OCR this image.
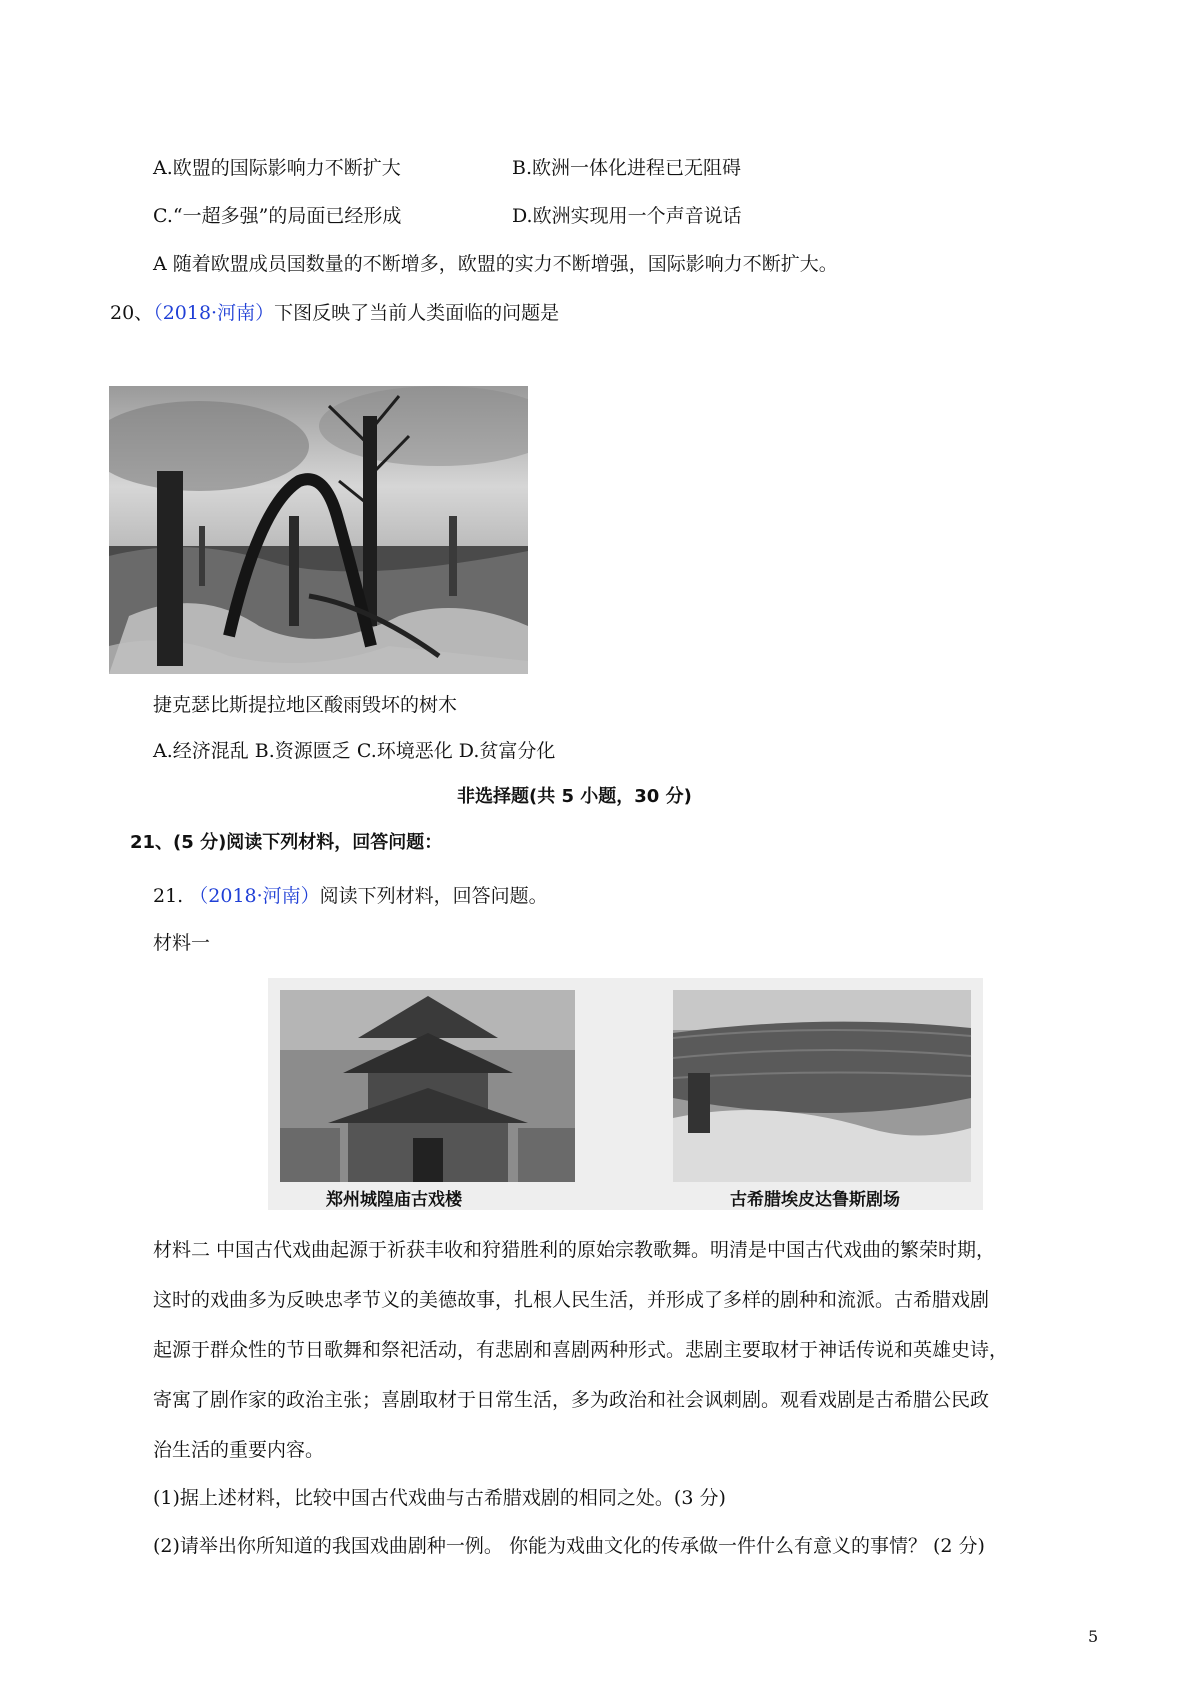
A.欧盟的国际影响力不断扩大	B.欧洲一体化进程已无阻碍
C.“一超多强”的局面已经形成	D.欧洲实现用一个声音说话
A 随着欧盟成员国数量的不断增多，欧盟的实力不断增强，国际影响力不断扩大。
20、（2018·河南）下图反映了当前人类面临的问题是
捷克瑟比斯提拉地区酸雨毁坏的树木
A.经济混乱 B.资源匮乏 C.环境恶化 D.贫富分化
非选择题(共 5 小题，30 分)
21、(5 分)阅读下列材料，回答问题：
21. （2018·河南）阅读下列材料，回答问题。
材料一
郑州城隍庙古戏楼	古希腊埃皮达鲁斯剧场
材料二 中国古代戏曲起源于祈获丰收和狩猎胜利的原始宗教歌舞。明清是中国古代戏曲的繁荣时期，
这时的戏曲多为反映忠孝节义的美德故事，扎根人民生活，并形成了多样的剧种和流派。古希腊戏剧
起源于群众性的节日歌舞和祭祀活动，有悲剧和喜剧两种形式。悲剧主要取材于神话传说和英雄史诗，
寄寓了剧作家的政治主张；喜剧取材于日常生活，多为政治和社会讽刺剧。观看戏剧是古希腊公民政
治生活的重要内容。
(1)据上述材料，比较中国古代戏曲与古希腊戏剧的相同之处。(3 分)
(2)请举出你所知道的我国戏曲剧种一例。 你能为戏曲文化的传承做一件什么有意义的事情？ (2 分)
5
